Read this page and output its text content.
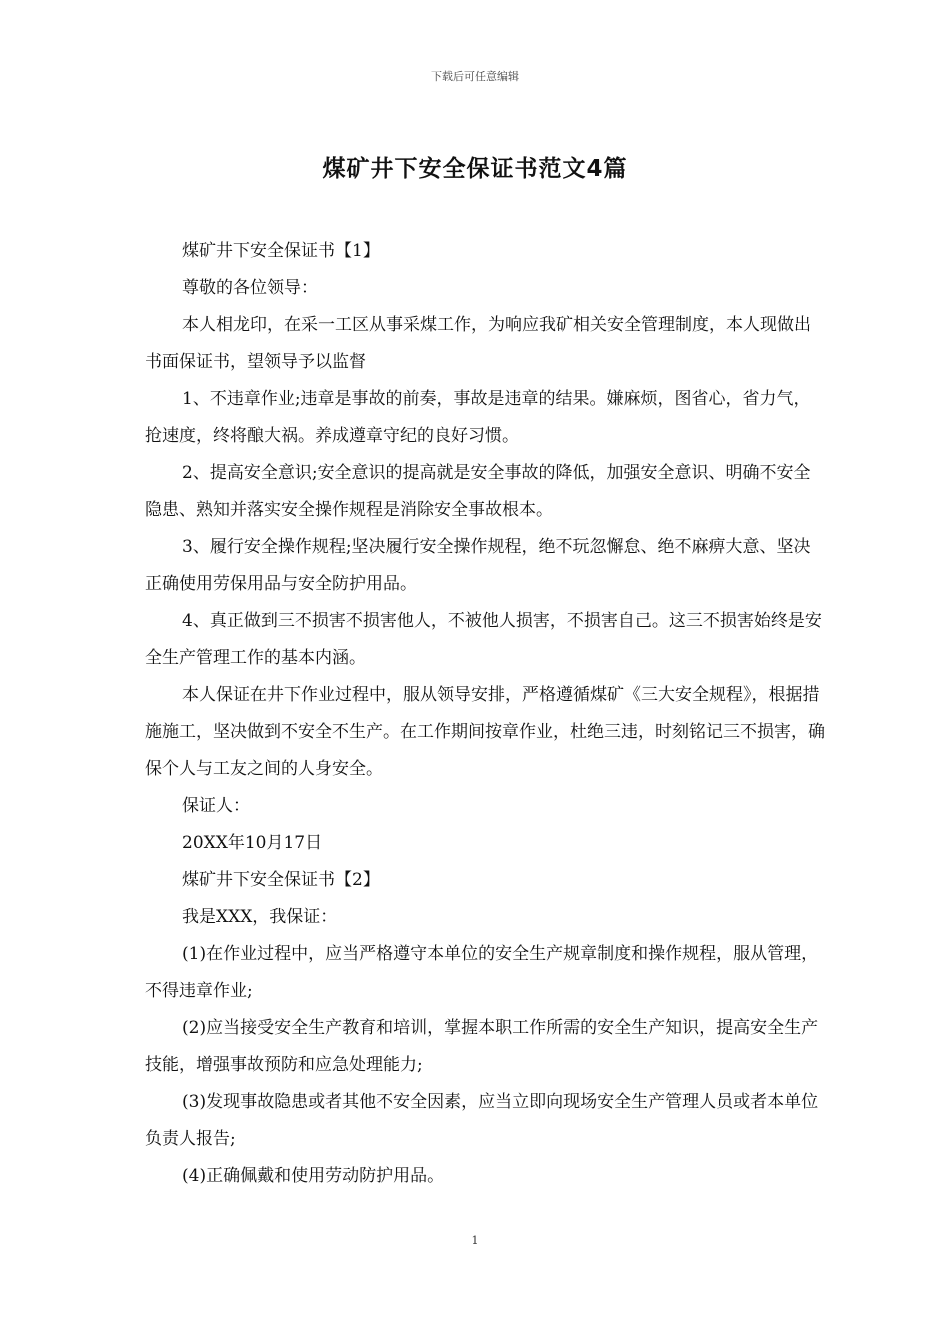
下载后可任意编辑
煤矿井下安全保证书范文4篇

煤矿井下安全保证书【1】

尊敬的各位领导：

本人相龙印，在采一工区从事采煤工作，为响应我矿相关安全管理制度，本人现做出书面保证书，望领导予以监督

1、不违章作业;违章是事故的前奏，事故是违章的结果。嫌麻烦，图省心，省力气，抢速度，终将酿大祸。养成遵章守纪的良好习惯。

2、提高安全意识;安全意识的提高就是安全事故的降低，加强安全意识、明确不安全隐患、熟知并落实安全操作规程是消除安全事故根本。

3、履行安全操作规程;坚决履行安全操作规程，绝不玩忽懈怠、绝不麻痹大意、坚决正确使用劳保用品与安全防护用品。

4、真正做到三不损害不损害他人，不被他人损害，不损害自己。这三不损害始终是安全生产管理工作的基本内涵。

本人保证在井下作业过程中，服从领导安排，严格遵循煤矿《三大安全规程》，根据措施施工，坚决做到不安全不生产。在工作期间按章作业，杜绝三违，时刻铭记三不损害，确保个人与工友之间的人身安全。

保证人：

20XX年10月17日

煤矿井下安全保证书【2】

我是XXX，我保证：

(1)在作业过程中，应当严格遵守本单位的安全生产规章制度和操作规程，服从管理，不得违章作业;

(2)应当接受安全生产教育和培训，掌握本职工作所需的安全生产知识，提高安全生产技能，增强事故预防和应急处理能力;

(3)发现事故隐患或者其他不安全因素，应当立即向现场安全生产管理人员或者本单位负责人报告;

(4)正确佩戴和使用劳动防护用品。

1
